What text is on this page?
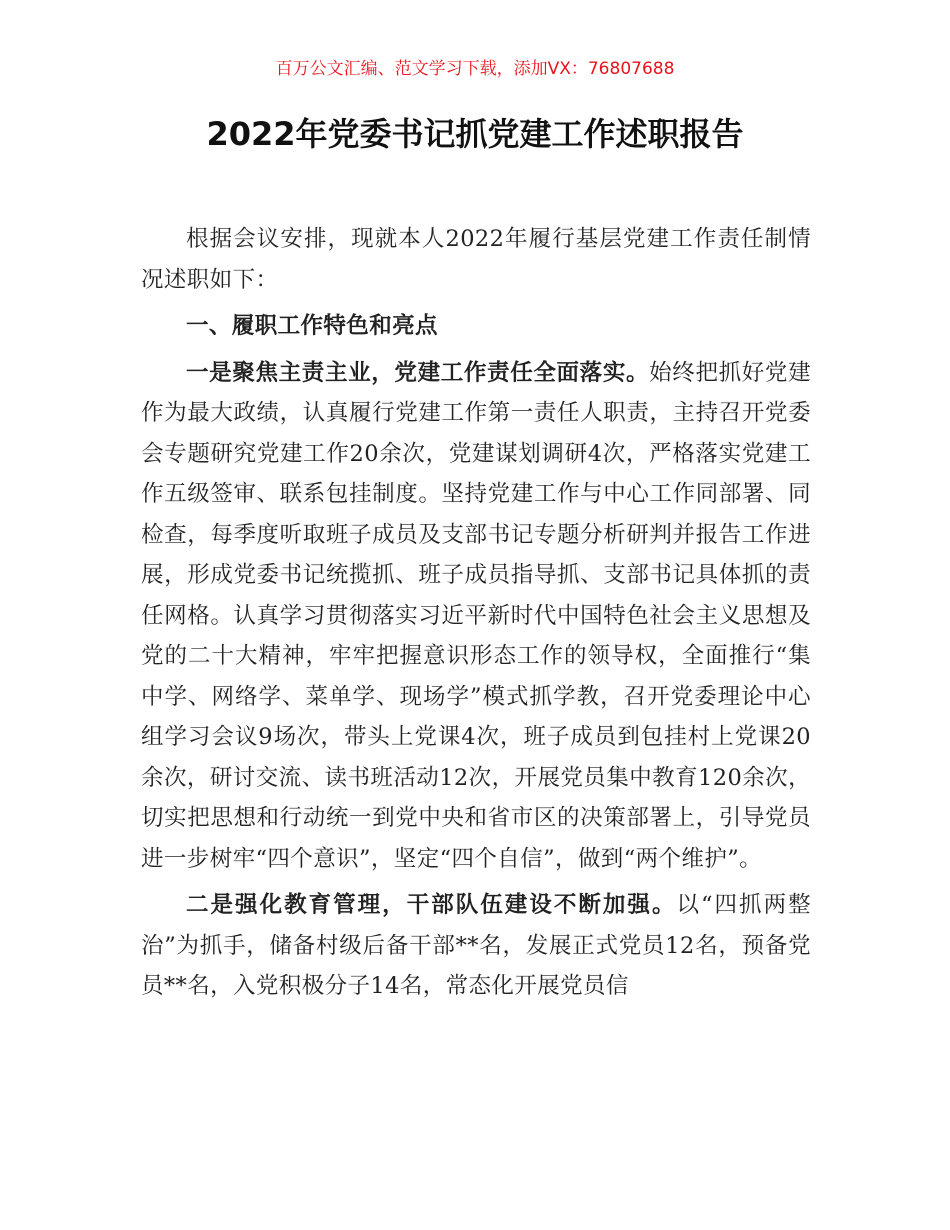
百万公文汇编、范文学习下载，添加VX：76807688
2022年党委书记抓党建工作述职报告

根据会议安排，现就本人2022年履行基层党建工作责任制情况述职如下：

一、履职工作特色和亮点

一是聚焦主责主业，党建工作责任全面落实。始终把抓好党建作为最大政绩，认真履行党建工作第一责任人职责，主持召开党委会专题研究党建工作20余次，党建谋划调研4次，严格落实党建工作五级签审、联系包挂制度。坚持党建工作与中心工作同部署、同检查，每季度听取班子成员及支部书记专题分析研判并报告工作进展，形成党委书记统揽抓、班子成员指导抓、支部书记具体抓的责任网格。认真学习贯彻落实习近平新时代中国特色社会主义思想及党的二十大精神，牢牢把握意识形态工作的领导权，全面推行“集中学、网络学、菜单学、现场学”模式抓学教，召开党委理论中心组学习会议9场次，带头上党课4次，班子成员到包挂村上党课20余次，研讨交流、读书班活动12次，开展党员集中教育120余次，切实把思想和行动统一到党中央和省市区的决策部署上，引导党员进一步树牢“四个意识”，坚定“四个自信”，做到“两个维护”。

二是强化教育管理，干部队伍建设不断加强。以“四抓两整治”为抓手，储备村级后备干部**名，发展正式党员12名，预备党员**名，入党积极分子14名，常态化开展党员信
